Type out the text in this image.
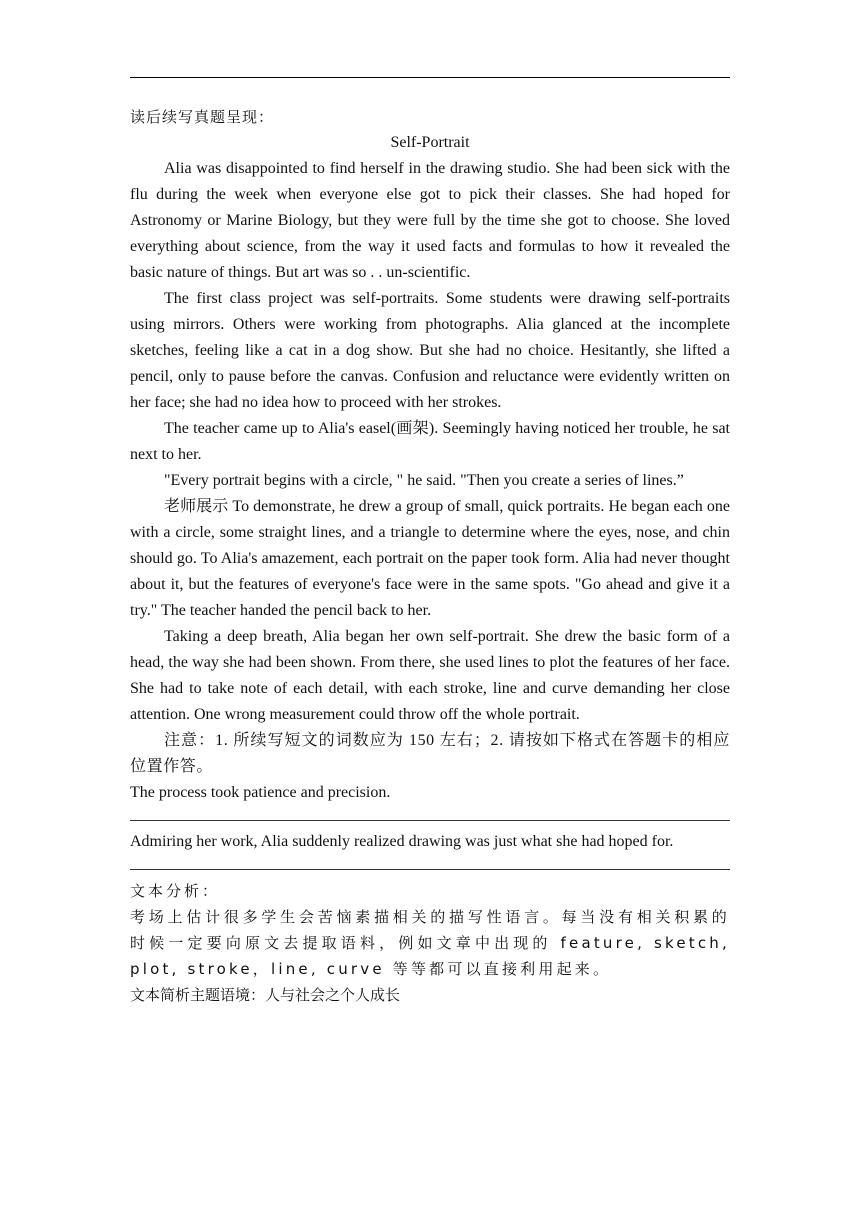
读后续写真题呈现：

Self-Portrait

Alia was disappointed to find herself in the drawing studio. She had been sick with the flu during the week when everyone else got to pick their classes. She had hoped for Astronomy or Marine Biology, but they were full by the time she got to choose. She loved everything about science, from the way it used facts and formulas to how it revealed the basic nature of things. But art was so . . un-scientific.

The first class project was self-portraits. Some students were drawing self-portraits using mirrors. Others were working from photographs. Alia glanced at the incomplete sketches, feeling like a cat in a dog show. But she had no choice. Hesitantly, she lifted a pencil, only to pause before the canvas. Confusion and reluctance were evidently written on her face; she had no idea how to proceed with her strokes.

The teacher came up to Alia's easel(画架). Seemingly having noticed her trouble, he sat next to her.

"Every portrait begins with a circle, " he said. "Then you create a series of lines.”

老师展示 To demonstrate, he drew a group of small, quick portraits. He began each one with a circle, some straight lines, and a triangle to determine where the eyes, nose, and chin should go. To Alia's amazement, each portrait on the paper took form. Alia had never thought about it, but the features of everyone's face were in the same spots. "Go ahead and give it a try." The teacher handed the pencil back to her.

Taking a deep breath, Alia began her own self-portrait. She drew the basic form of a head, the way she had been shown. From there, she used lines to plot the features of her face. She had to take note of each detail, with each stroke, line and curve demanding her close attention. One wrong measurement could throw off the whole portrait.

注意：1. 所续写短文的词数应为 150 左右；2. 请按如下格式在答题卡的相应位置作答。

The process took patience and precision.

Admiring her work, Alia suddenly realized drawing was just what she had hoped for.

文本分析：

考场上估计很多学生会苦恼素描相关的描写性语言。每当没有相关积累的时候一定要向原文去提取语料，例如文章中出现的 feature, sketch, plot, stroke，line, curve 等等都可以直接利用起来。

文本简析主题语境：人与社会之个人成长
